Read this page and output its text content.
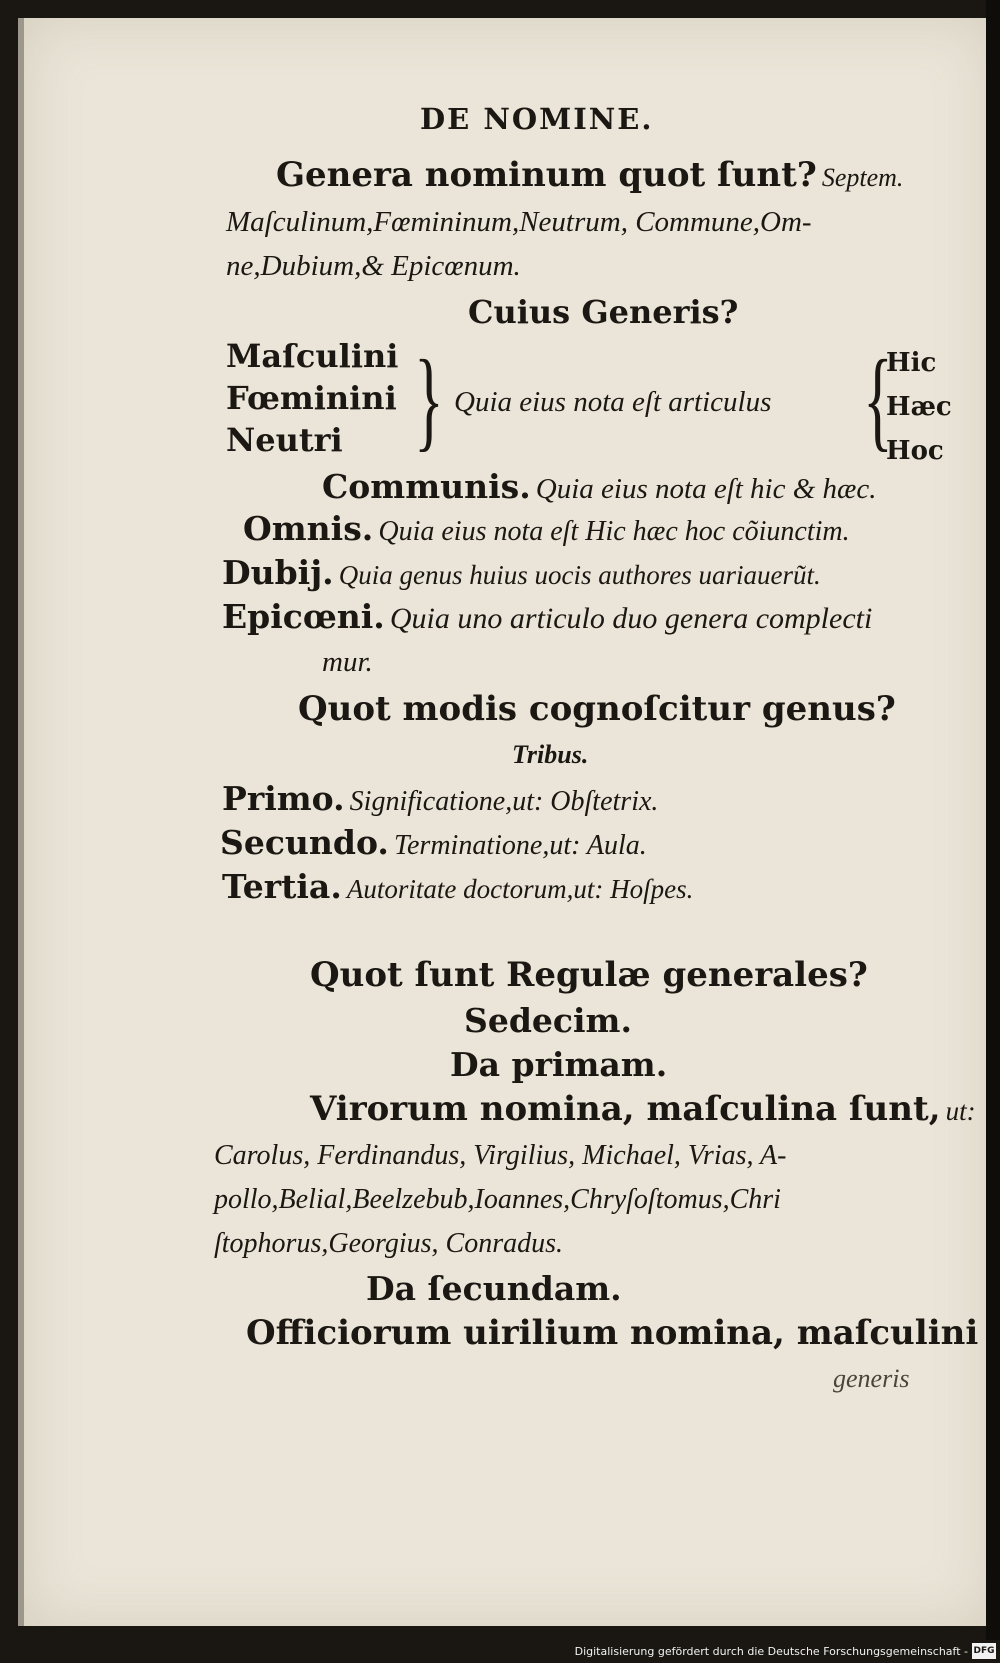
DE NOMINE.
Genera nominum quot ſunt? Septem.
Maſculinum,Fœmininum,Neutrum, Commune,Om-
ne,Dubium,& Epicœnum.
Cuius Generis?
Maſculini
Fœminini
Neutri } Quia eius nota eſt articulus {
Hic
Hæc
Hoc
Communis. Quia eius nota eſt hic & hæc.
Omnis. Quia eius nota eſt Hic hæc hoc cõiunctim.
Dubij. Quia genus huius uocis authores uariauerũt.
Epicœni. Quia uno articulo duo genera complecti
mur.
Quot modis cognoſcitur genus?
Tribus.
Primo. Significatione,ut: Obſtetrix.
Secundo. Terminatione,ut: Aula.
Tertia. Autoritate doctorum,ut: Hoſpes.
Quot ſunt Regulæ generales?
Sedecim.
Da primam.
Virorum nomina, maſculina ſunt, ut:
Carolus, Ferdinandus, Virgilius, Michael, Vrias, A-
pollo,Belial,Beelzebub,Ioannes,Chryſoſtomus,Chri
ſtophorus,Georgius, Conradus.
Da ſecundam.
Officiorum uirilium nomina, maſculini
generis
Digitalisierung gefördert durch die Deutsche Forschungsgemeinschaft - DFG
